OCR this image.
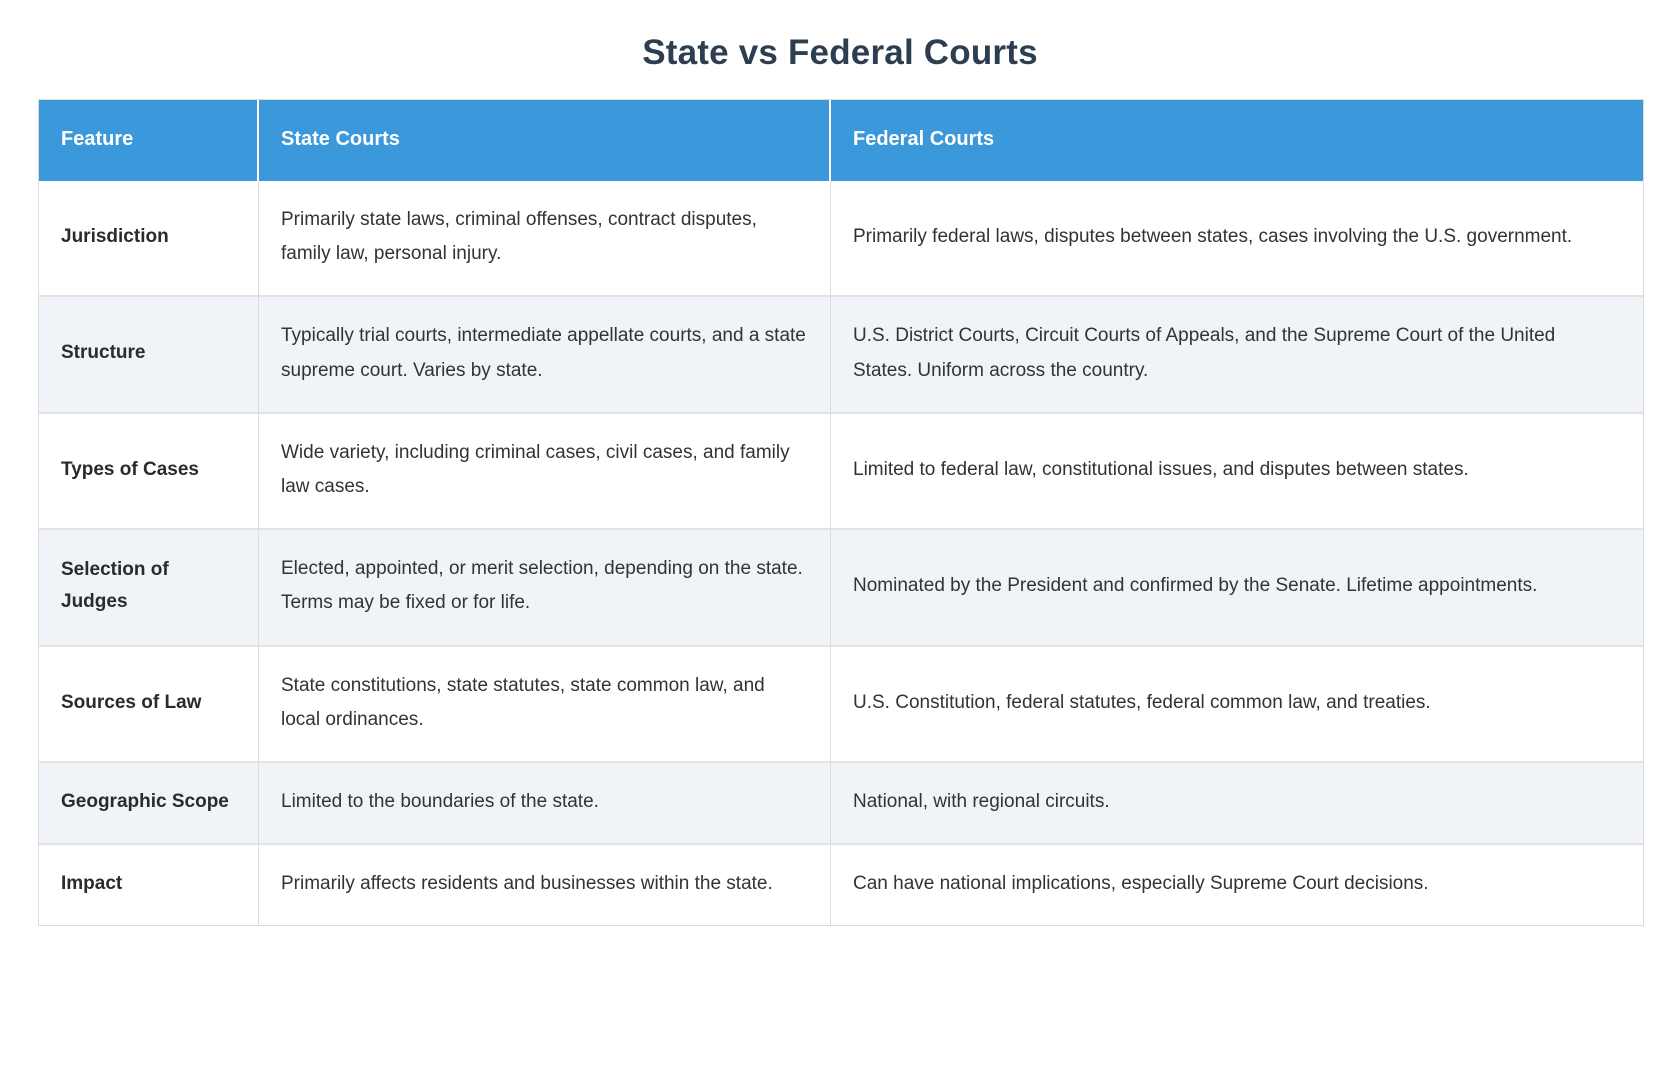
State vs Federal Courts
Feature	State Courts	Federal Courts
Jurisdiction	Primarily state laws, criminal offenses, contract disputes, family law, personal injury.	Primarily federal laws, disputes between states, cases involving the U.S. government.
Structure	Typically trial courts, intermediate appellate courts, and a state supreme court. Varies by state.	U.S. District Courts, Circuit Courts of Appeals, and the Supreme Court of the United States. Uniform across the country.
Types of Cases	Wide variety, including criminal cases, civil cases, and family law cases.	Limited to federal law, constitutional issues, and disputes between states.
Selection of Judges	Elected, appointed, or merit selection, depending on the state. Terms may be fixed or for life.	Nominated by the President and confirmed by the Senate. Lifetime appointments.
Sources of Law	State constitutions, state statutes, state common law, and local ordinances.	U.S. Constitution, federal statutes, federal common law, and treaties.
Geographic Scope	Limited to the boundaries of the state.	National, with regional circuits.
Impact	Primarily affects residents and businesses within the state.	Can have national implications, especially Supreme Court decisions.
